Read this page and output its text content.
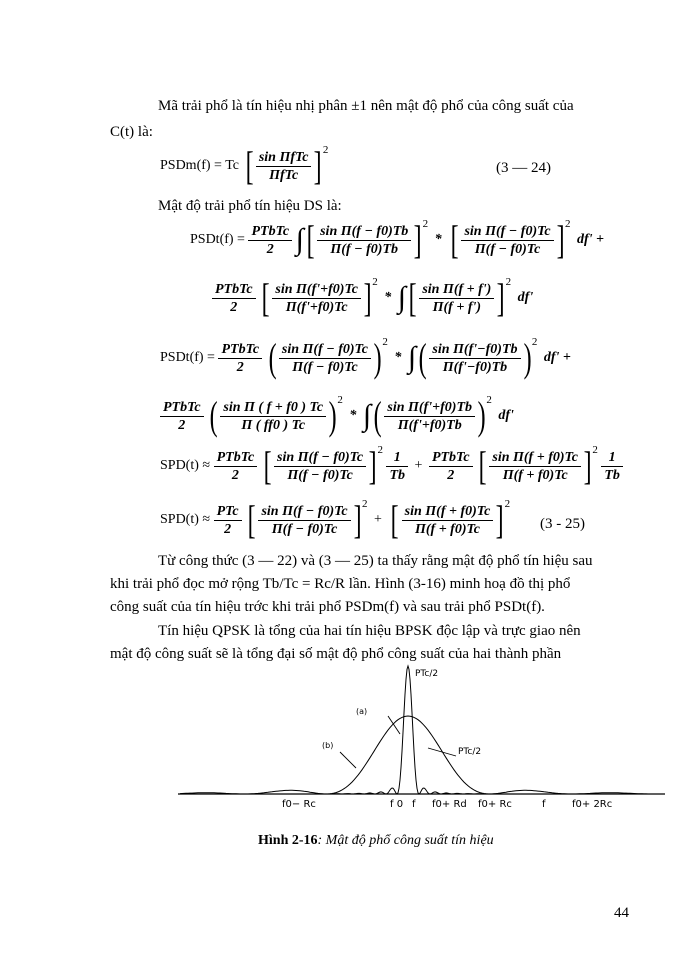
Mã trải phổ là tín hiệu nhị phân ±1 nên mật độ phổ của công suất của
C(t) là:
PSDm(f) = Tc [ $\frac{\text{sin ΠfTc}}{\text{ΠfTc}} ]^2$
(3 — 24)
Mật độ trải phổ tín hiệu DS là:
PSDt(f) = $\frac{\text{PTbTc}}{2}$ ∫[ $\frac{\text{sin Π(f − f0)Tb}}{\Pi(f - f0)Tb} ]^2$ * [ $\frac{\text{sin Π(f − f0)Tc}}{\Pi(f - f0)Tc} ]^2$ df' +
$\frac{\text{PTbTc}}{2}$ [ $\frac{\text{sin Π(f'+f0)Tc}}{\Pi(f'+f0)Tc} ]^2$ * ∫[ $\frac{\text{sin Π(f + f')}}{\Pi(f + f')} ]^2$ df'
PSDt(f) = $\frac{\text{PTbTc}}{2}$ ( $\frac{\text{sin Π(f − f0)Tc}}{\Pi(f - f0)Tc} )^2$ * ∫( $\frac{\text{sin Π(f'−f0)Tb}}{\Pi(f'-f0)Tb} )^2$ df' +
$\frac{\text{PTbTc}}{2}$ ( $\frac{\text{sin Π ( f + f0 ) Tc}}{\Pi ( ff0 ) Tc} )^2$ * ∫( $\frac{\text{sin Π(f'+f0)Tb}}{\Pi(f'+f0)Tb} )^2$ df'
$SPD(t) \approx \frac{\text{PTbTc}}{2}$ [ $\frac{\text{sin Π(f − f0)Tc}}{\Pi(f - f0)Tc} ]^2 \frac{1}{Tb} + \frac{\text{PTbTc}}{2}$ [ $\frac{\text{sin Π(f + f0)Tc}}{\Pi(f + f0)Tc} ]^2 \frac{1}{Tb}$
$SPD(t) \approx \frac{\text{PTc}}{2}$ [ $\frac{\text{sin Π(f − f0)Tc}}{\Pi(f - f0)Tc} ]^2$ + [ $\frac{\text{sin Π(f + f0)Tc}}{\Pi(f + f0)Tc} ]^2$
(3 - 25)
Từ công thức (3 — 22) và (3 — 25) ta thấy rằng mật độ phổ tín hiệu sau
khi trải phổ đọc mở rộng Tb/Tc = Rc/R lần. Hình (3-16) minh hoạ đồ thị phổ
công suất của tín hiệu trớc khi trải phổ PSDm(f) và sau trải phổ PSDt(f).
Tín hiệu QPSK là tổng của hai tín hiệu BPSK độc lập và trực giao nên
mật độ công suất sẽ là tổng đại số mật độ phổ công suất của hai thành phần
PTc/2
(a)
(b)
PTc/2
f0− Rc	f 0 f f0+ Rd f0+ Rc	f	f0+ 2Rc
Hình 2-16: Mật độ phổ công suất tín hiệu
44
